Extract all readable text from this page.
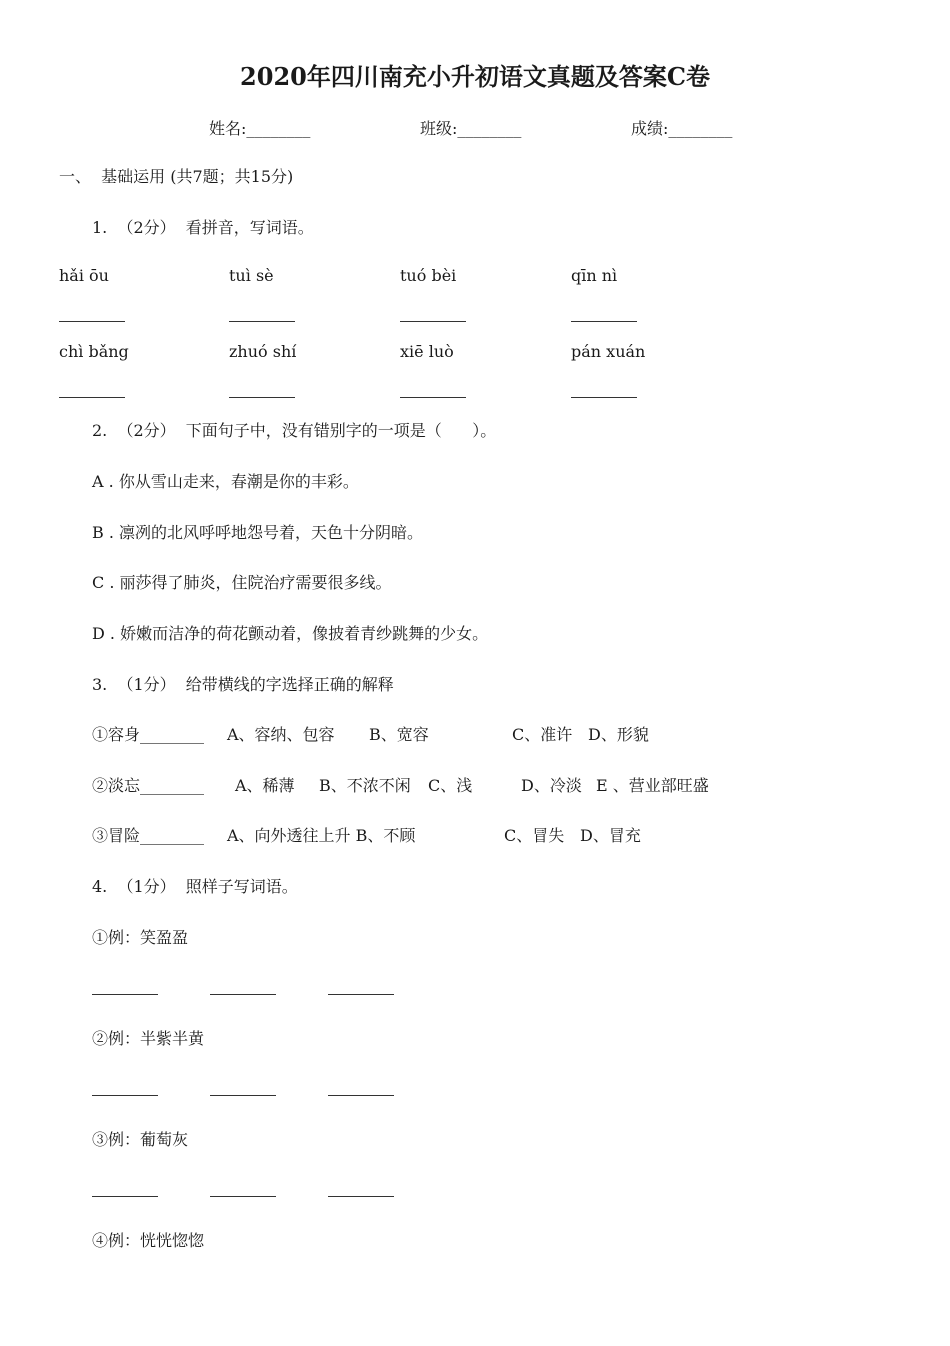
2020年四川南充小升初语文真题及答案C卷
姓名:________	班级:________	成绩:________
一、  基础运用 (共7题；共15分)
1.  （2分）  看拼音，写词语。
hǎi ōu	tuì sè	tuó bèi	qīn nì
chì bǎng	zhuó shí	xiē luò	pán xuán
2.  （2分）  下面句子中，没有错别字的一项是（      ）。
A . 你从雪山走来，春潮是你的丰彩。
B . 凛冽的北风呼呼地怨号着，天色十分阴暗。
C . 丽莎得了肺炎，住院治疗需要很多线。
D . 娇嫩而洁净的荷花颤动着，像披着青纱跳舞的少女。
3.  （1分）  给带横线的字选择正确的解释
①容身________ A、容纳、包容 B、宽容	C、准许 D、形貌
②淡忘________ A、稀薄 B、不浓不闲 C、浅	D、冷淡 E 、营业部旺盛
③冒险________ A、向外透往上升 B、不顾	C、冒失 D、冒充
4.  （1分）  照样子写词语。
①例：笑盈盈
②例：半紫半黄
③例：葡萄灰
④例：恍恍惚惚
